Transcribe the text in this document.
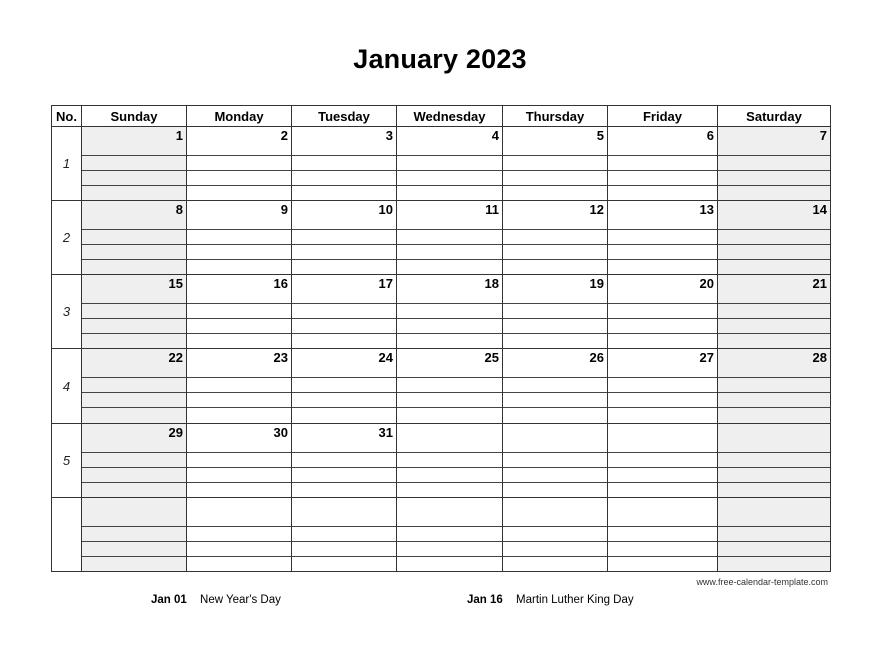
January 2023
No.	Sunday	Monday	Tuesday	Wednesday	Thursday	Friday	Saturday
1	1	2	3	4	5	6	7

2	8	9	10	11	12	13	14

3	15	16	17	18	19	20	21

4	22	23	24	25	26	27	28

5	29	30	31				

www.free-calendar-template.com
Jan 01 New Year's Day	Jan 16 Martin Luther King Day
